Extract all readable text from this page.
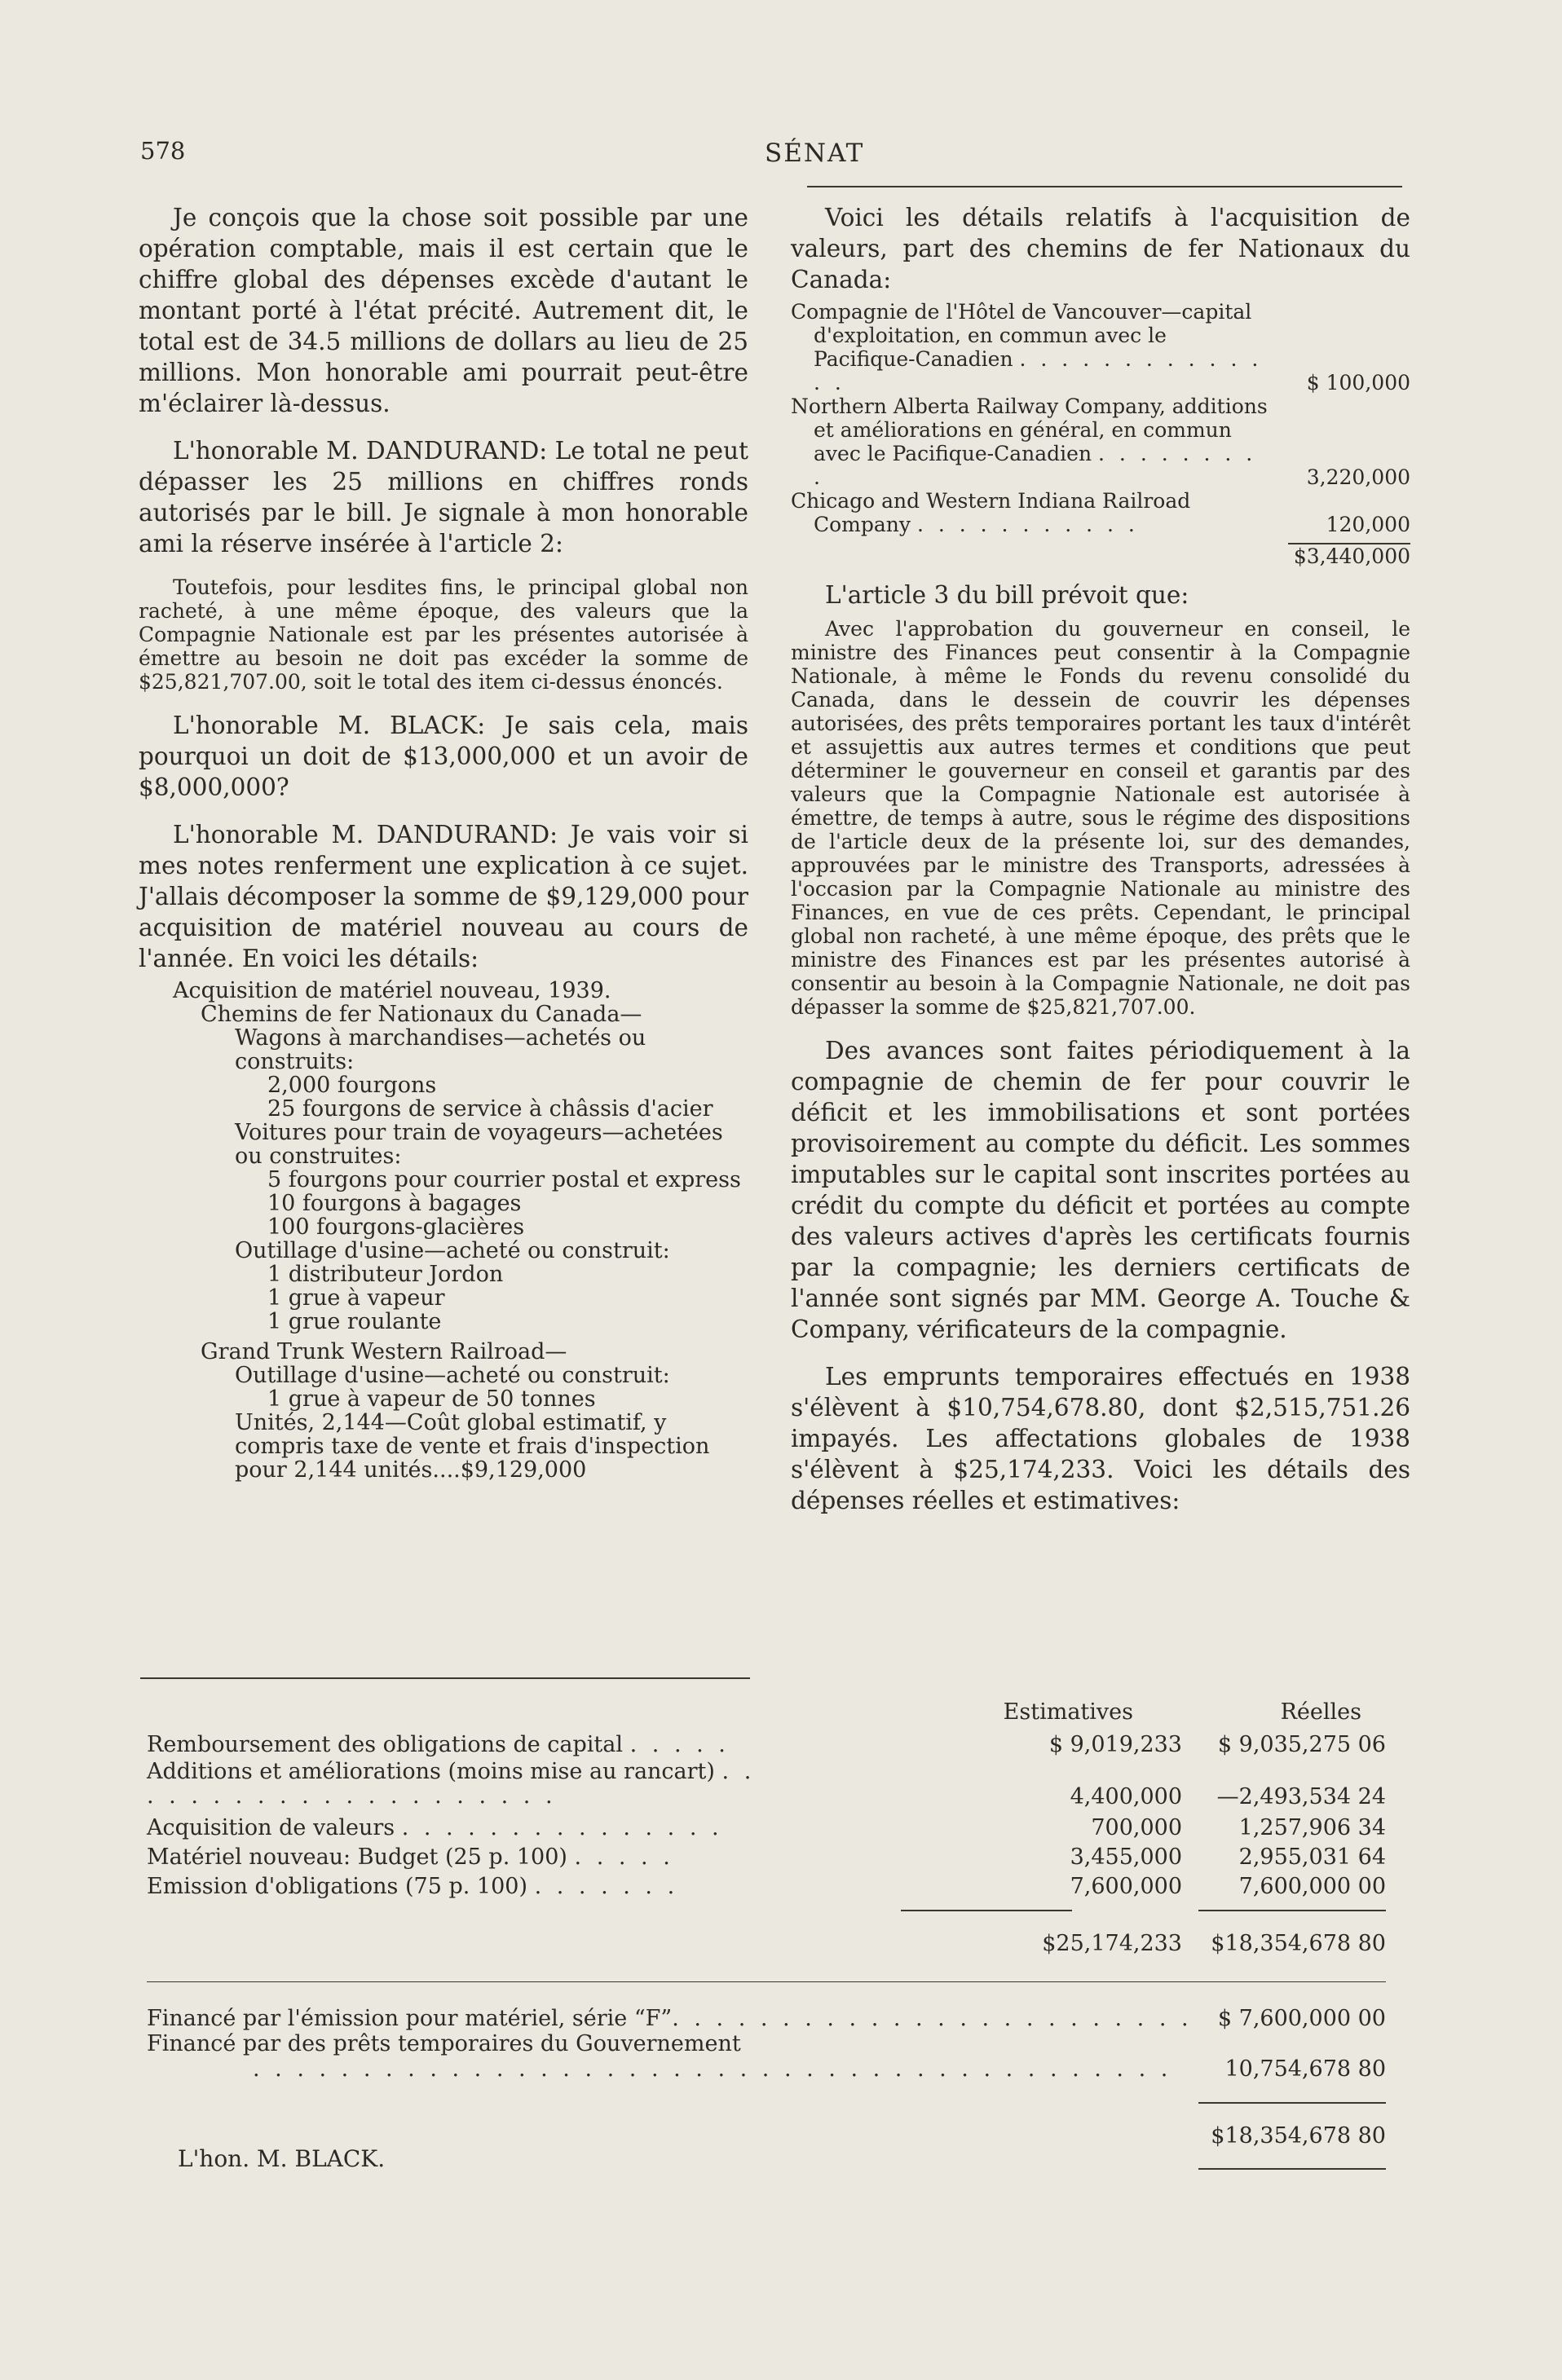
578	SÉNAT

Je conçois que la chose soit possible par une opération comptable, mais il est certain que le chiffre global des dépenses excède d'autant le montant porté à l'état précité. Autrement dit, le total est de 34.5 millions de dollars au lieu de 25 millions. Mon honorable ami pourrait peut-être m'éclairer là-dessus.

L'honorable M. DANDURAND: Le total ne peut dépasser les 25 millions en chiffres ronds autorisés par le bill. Je signale à mon honorable ami la réserve insérée à l'article 2:

Toutefois, pour lesdites fins, le principal global non racheté, à une même époque, des valeurs que la Compagnie Nationale est par les présentes autorisée à émettre au besoin ne doit pas excéder la somme de $25,821,707.00, soit le total des item ci-dessus énoncés.

L'honorable M. BLACK: Je sais cela, mais pourquoi un doit de $13,000,000 et un avoir de $8,000,000?

L'honorable M. DANDURAND: Je vais voir si mes notes renferment une explication à ce sujet. J'allais décomposer la somme de $9,129,000 pour acquisition de matériel nouveau au cours de l'année. En voici les détails:

Acquisition de matériel nouveau, 1939.
Chemins de fer Nationaux du Canada—
Wagons à marchandises—achetés ou construits:
2,000 fourgons
25 fourgons de service à châssis d'acier
Voitures pour train de voyageurs—achetées ou construites:
5 fourgons pour courrier postal et express
10 fourgons à bagages
100 fourgons-glacières
Outillage d'usine—acheté ou construit:
1 distributeur Jordon
1 grue à vapeur
1 grue roulante
Grand Trunk Western Railroad—
Outillage d'usine—acheté ou construit:
1 grue à vapeur de 50 tonnes
Unités, 2,144—Coût global estimatif, y compris taxe de vente et frais d'inspection pour 2,144 unités....$9,129,000

Voici les détails relatifs à l'acquisition de valeurs, part des chemins de fer Nationaux du Canada:

Compagnie de l'Hôtel de Vancouver—capital d'exploitation, en commun avec le Pacifique-Canadien . . . . . . . . . . . . . .	$ 100,000
Northern Alberta Railway Company, additions et améliorations en général, en commun avec le Pacifique-Canadien . . . . . . . . .	3,220,000
Chicago and Western Indiana Railroad Company . . . . . . . . . . .	120,000
$3,440,000

L'article 3 du bill prévoit que:

Avec l'approbation du gouverneur en conseil, le ministre des Finances peut consentir à la Compagnie Nationale, à même le Fonds du revenu consolidé du Canada, dans le dessein de couvrir les dépenses autorisées, des prêts temporaires portant les taux d'intérêt et assujettis aux autres termes et conditions que peut déterminer le gouverneur en conseil et garantis par des valeurs que la Compagnie Nationale est autorisée à émettre, de temps à autre, sous le régime des dispositions de l'article deux de la présente loi, sur des demandes, approuvées par le ministre des Transports, adressées à l'occasion par la Compagnie Nationale au ministre des Finances, en vue de ces prêts. Cependant, le principal global non racheté, à une même époque, des prêts que le ministre des Finances est par les présentes autorisé à consentir au besoin à la Compagnie Nationale, ne doit pas dépasser la somme de $25,821,707.00.

Des avances sont faites périodiquement à la compagnie de chemin de fer pour couvrir le déficit et les immobilisations et sont portées provisoirement au compte du déficit. Les sommes imputables sur le capital sont inscrites portées au crédit du compte du déficit et portées au compte des valeurs actives d'après les certificats fournis par la compagnie; les derniers certificats de l'année sont signés par MM. George A. Touche & Company, vérificateurs de la compagnie.

Les emprunts temporaires effectués en 1938 s'élèvent à $10,754,678.80, dont $2,515,751.26 impayés. Les affectations globales de 1938 s'élèvent à $25,174,233. Voici les détails des dépenses réelles et estimatives:

Estimatives	Réelles
Remboursement des obligations de capital . . . . .	$ 9,019,233 $ 9,035,275 06
Additions et améliorations (moins mise au rancart) . . . . . . . . . . . . . . . . . . . . .	4,400,000 —2,493,534 24
Acquisition de valeurs . . . . . . . . . . . . . . .	700,000	1,257,906 34
Matériel nouveau: Budget (25 p. 100) . . . . .	3,455,000	2,955,031 64
Emission d'obligations (75 p. 100) . . . . . . .	7,600,000	7,600,000 00
$25,174,233 $18,354,678 80
Financé par l'émission pour matériel, série “F”. . . . . . . . . . . . . . . . . . . . . . . . $ 7,600,000 00
Financé par des prêts temporaires du Gouvernement
. . . . . . . . . . . . . . . . . . . . . . . . . . . . . . . . . . . . . . . . . . 10,754,678 80
$18,354,678 80
L'hon. M. BLACK.
